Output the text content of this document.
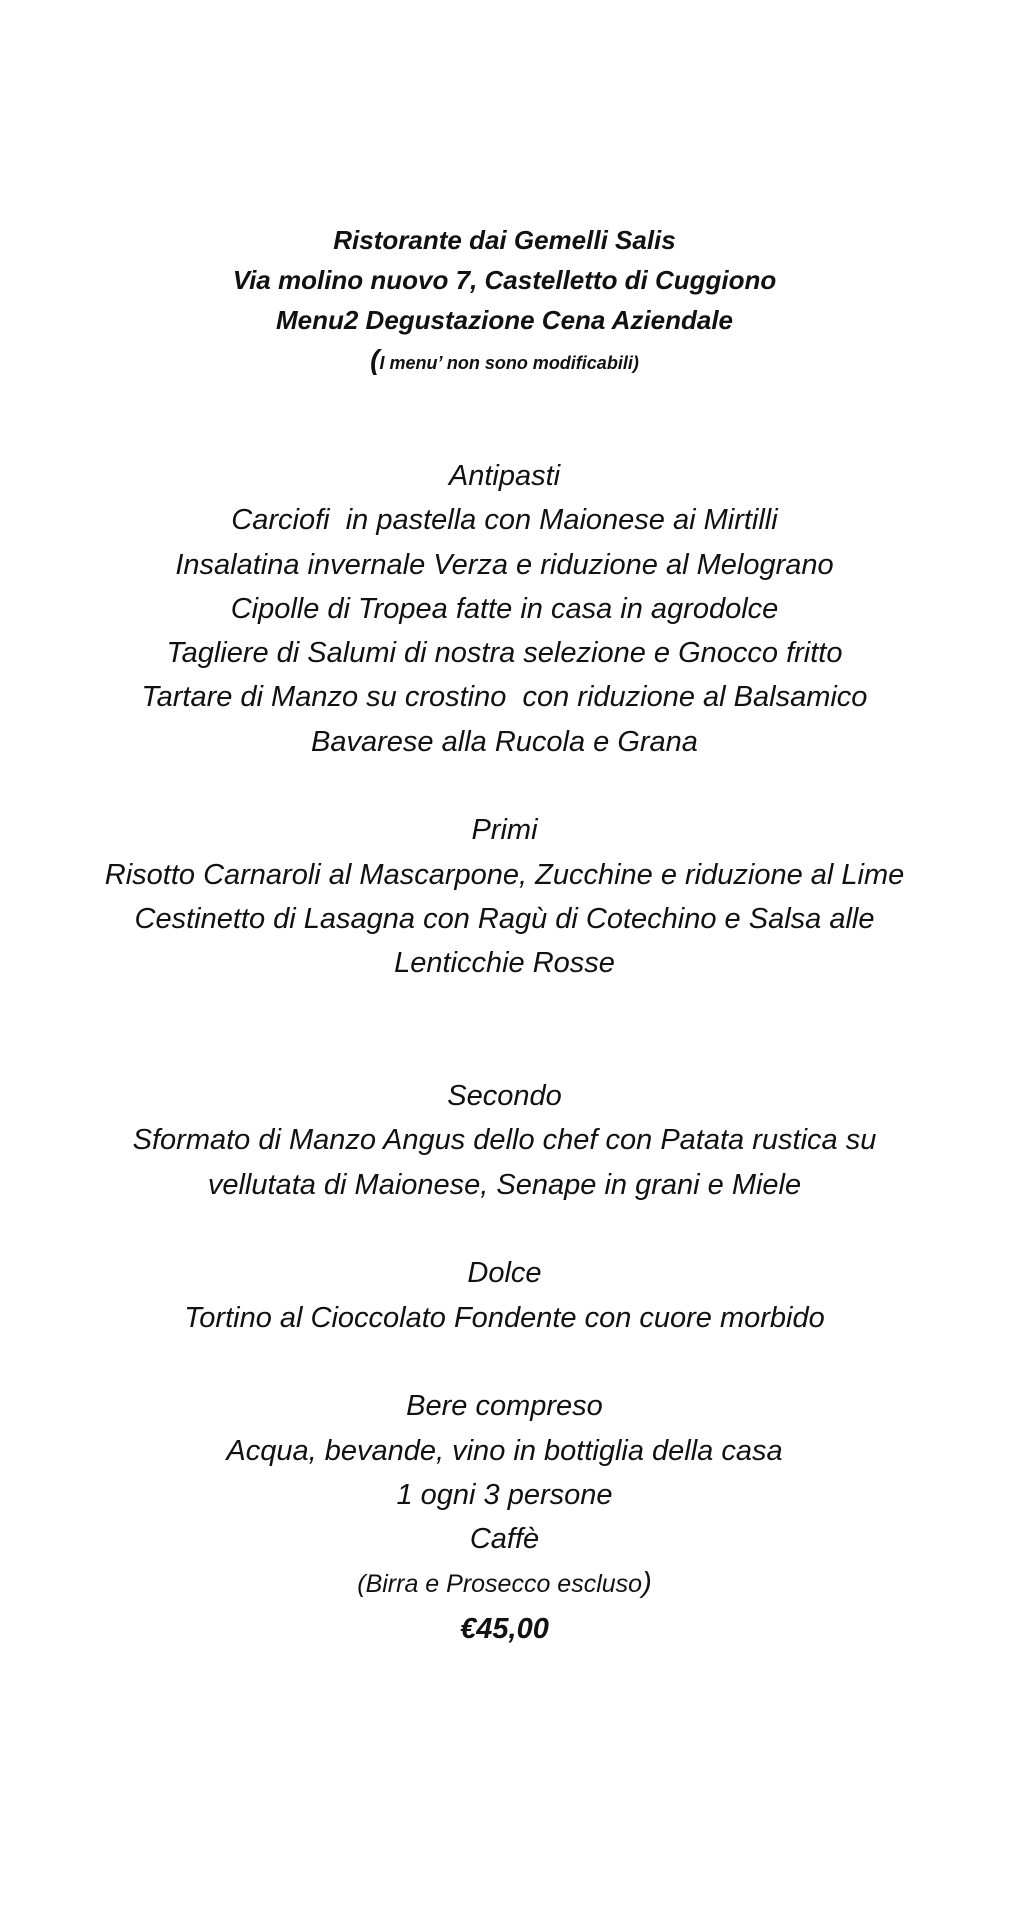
Ristorante dai Gemelli Salis
Via molino nuovo 7, Castelletto di Cuggiono
Menu2 Degustazione Cena Aziendale
(I menu’ non sono modificabili)
Antipasti
Carciofi  in pastella con Maionese ai Mirtilli
Insalatina invernale Verza e riduzione al Melograno
Cipolle di Tropea fatte in casa in agrodolce
Tagliere di Salumi di nostra selezione e Gnocco fritto
Tartare di Manzo su crostino  con riduzione al Balsamico
Bavarese alla Rucola e Grana
Primi
Risotto Carnaroli al Mascarpone, Zucchine e riduzione al Lime
Cestinetto di Lasagna con Ragù di Cotechino e Salsa alle
Lenticchie Rosse
Secondo
Sformato di Manzo Angus dello chef con Patata rustica su
vellutata di Maionese, Senape in grani e Miele
Dolce
Tortino al Cioccolato Fondente con cuore morbido
Bere compreso
Acqua, bevande, vino in bottiglia della casa
1 ogni 3 persone
Caffè
(Birra e Prosecco escluso)
€45,00
